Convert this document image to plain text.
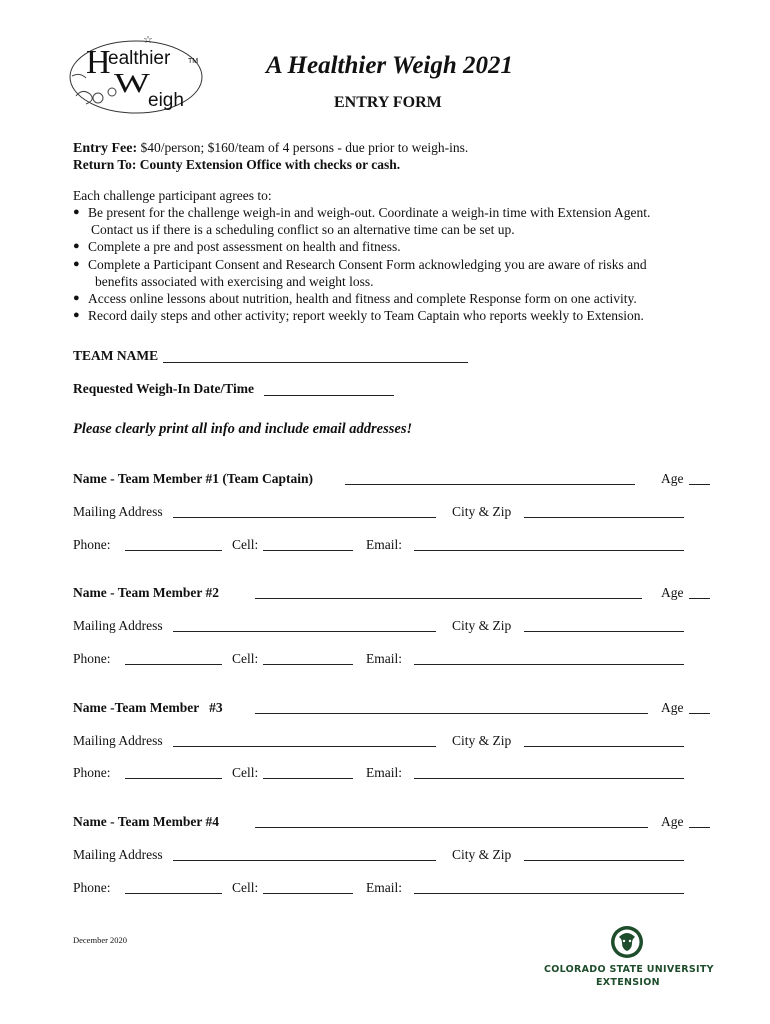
H
W
☆
ealthier
eigh
TM	A Healthier Weigh 2021
ENTRY FORM
Entry Fee: $40/person; $160/team of 4 persons - due prior to weigh-ins.
Return To: County Extension Office with checks or cash.
Each challenge participant agrees to:
● Be present for the challenge weigh-in and weigh-out. Coordinate a weigh-in time with Extension Agent.
Contact us if there is a scheduling conflict so an alternative time can be set up.
● Complete a pre and post assessment on health and fitness.
● Complete a Participant Consent and Research Consent Form acknowledging you are aware of risks and
benefits associated with exercising and weight loss.
● Access online lessons about nutrition, health and fitness and complete Response form on one activity.
● Record daily steps and other activity; report weekly to Team Captain who reports weekly to Extension.
TEAM NAME
Requested Weigh-In Date/Time
Please clearly print all info and include email addresses!
Name - Team Member #1 (Team Captain)	Age
Mailing Address	City & Zip
Phone:	Cell:	Email:
Name - Team Member #2	Age
Mailing Address	City & Zip
Phone:	Cell:	Email:
Name -Team Member   #3	Age
Mailing Address	City & Zip
Phone:	Cell:	Email:
Name - Team Member #4	Age
Mailing Address	City & Zip
Phone:	Cell:	Email:
December 2020
COLORADO STATE UNIVERSITY
EXTENSION
